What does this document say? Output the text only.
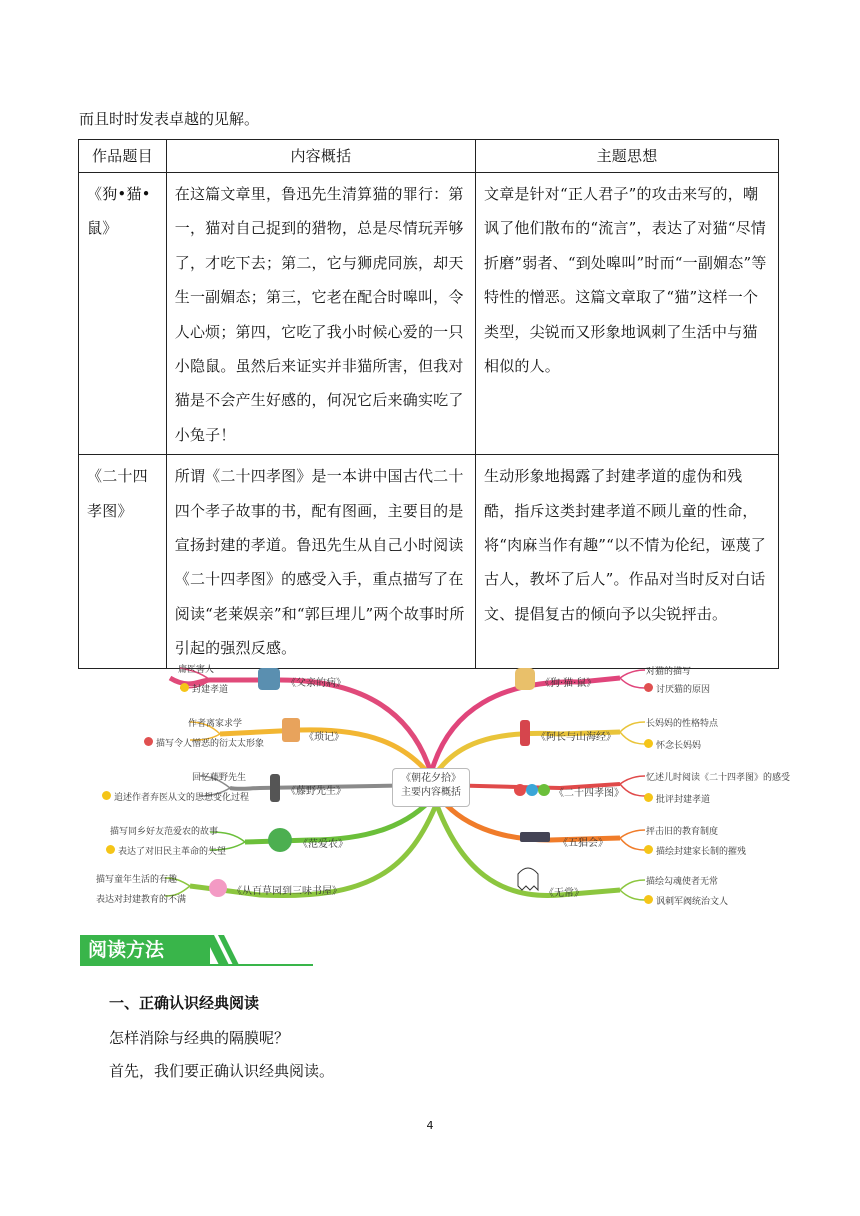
而且时时发表卓越的见解。
作品题目	内容概括	主题思想
《狗•猫•鼠》	在这篇文章里，鲁迅先生清算猫的罪行：第一，猫对自己捉到的猎物，总是尽情玩弄够了，才吃下去；第二，它与狮虎同族，却天生一副媚态；第三，它老在配合时嗥叫，令人心烦；第四，它吃了我小时候心爱的一只小隐鼠。虽然后来证实并非猫所害，但我对猫是不会产生好感的，何况它后来确实吃了小兔子！	文章是针对“正人君子”的攻击来写的，嘲讽了他们散布的“流言”，表达了对猫“尽情折磨”弱者、“到处嗥叫”时而“一副媚态”等特性的憎恶。这篇文章取了“猫”这样一个类型，尖锐而又形象地讽刺了生活中与猫相似的人。
《二十四孝图》	所谓《二十四孝图》是一本讲中国古代二十四个孝子故事的书，配有图画，主要目的是宣扬封建的孝道。鲁迅先生从自己小时阅读《二十四孝图》的感受入手，重点描写了在阅读“老莱娱亲”和“郭巨埋儿”两个故事时所引起的强烈反感。	生动形象地揭露了封建孝道的虚伪和残酷，指斥这类封建孝道不顾儿童的性命，将“肉麻当作有趣”“以不情为伦纪，诬蔑了古人，教坏了后人”。作品对当时反对白话文、提倡复古的倾向予以尖锐抨击。
《朝花夕拾》
主要内容概括
《父亲的病》
庸医害人
封建孝道
《琐记》
作者离家求学
描写令人憎恶的衍太太形象
《藤野先生》
回忆藤野先生
追述作者弃医从文的思想变化过程
《范爱农》
描写同乡好友范爱农的故事
表达了对旧民主革命的失望
《从百草园到三味书屋》
描写童年生活的有趣
表达对封建教育的不满
《狗·猫·鼠》
对猫的描写
讨厌猫的原因
《阿长与山海经》
长妈妈的性格特点
怀念长妈妈
《二十四孝图》
忆述儿时阅读《二十四孝图》的感受
批评封建孝道
《五猖会》
抨击旧的教育制度
描绘封建家长制的摧残
《无常》
描绘勾魂使者无常
讽刺军阀统治文人
阅读方法
一、正确认识经典阅读
怎样消除与经典的隔膜呢？
首先，我们要正确认识经典阅读。
4
